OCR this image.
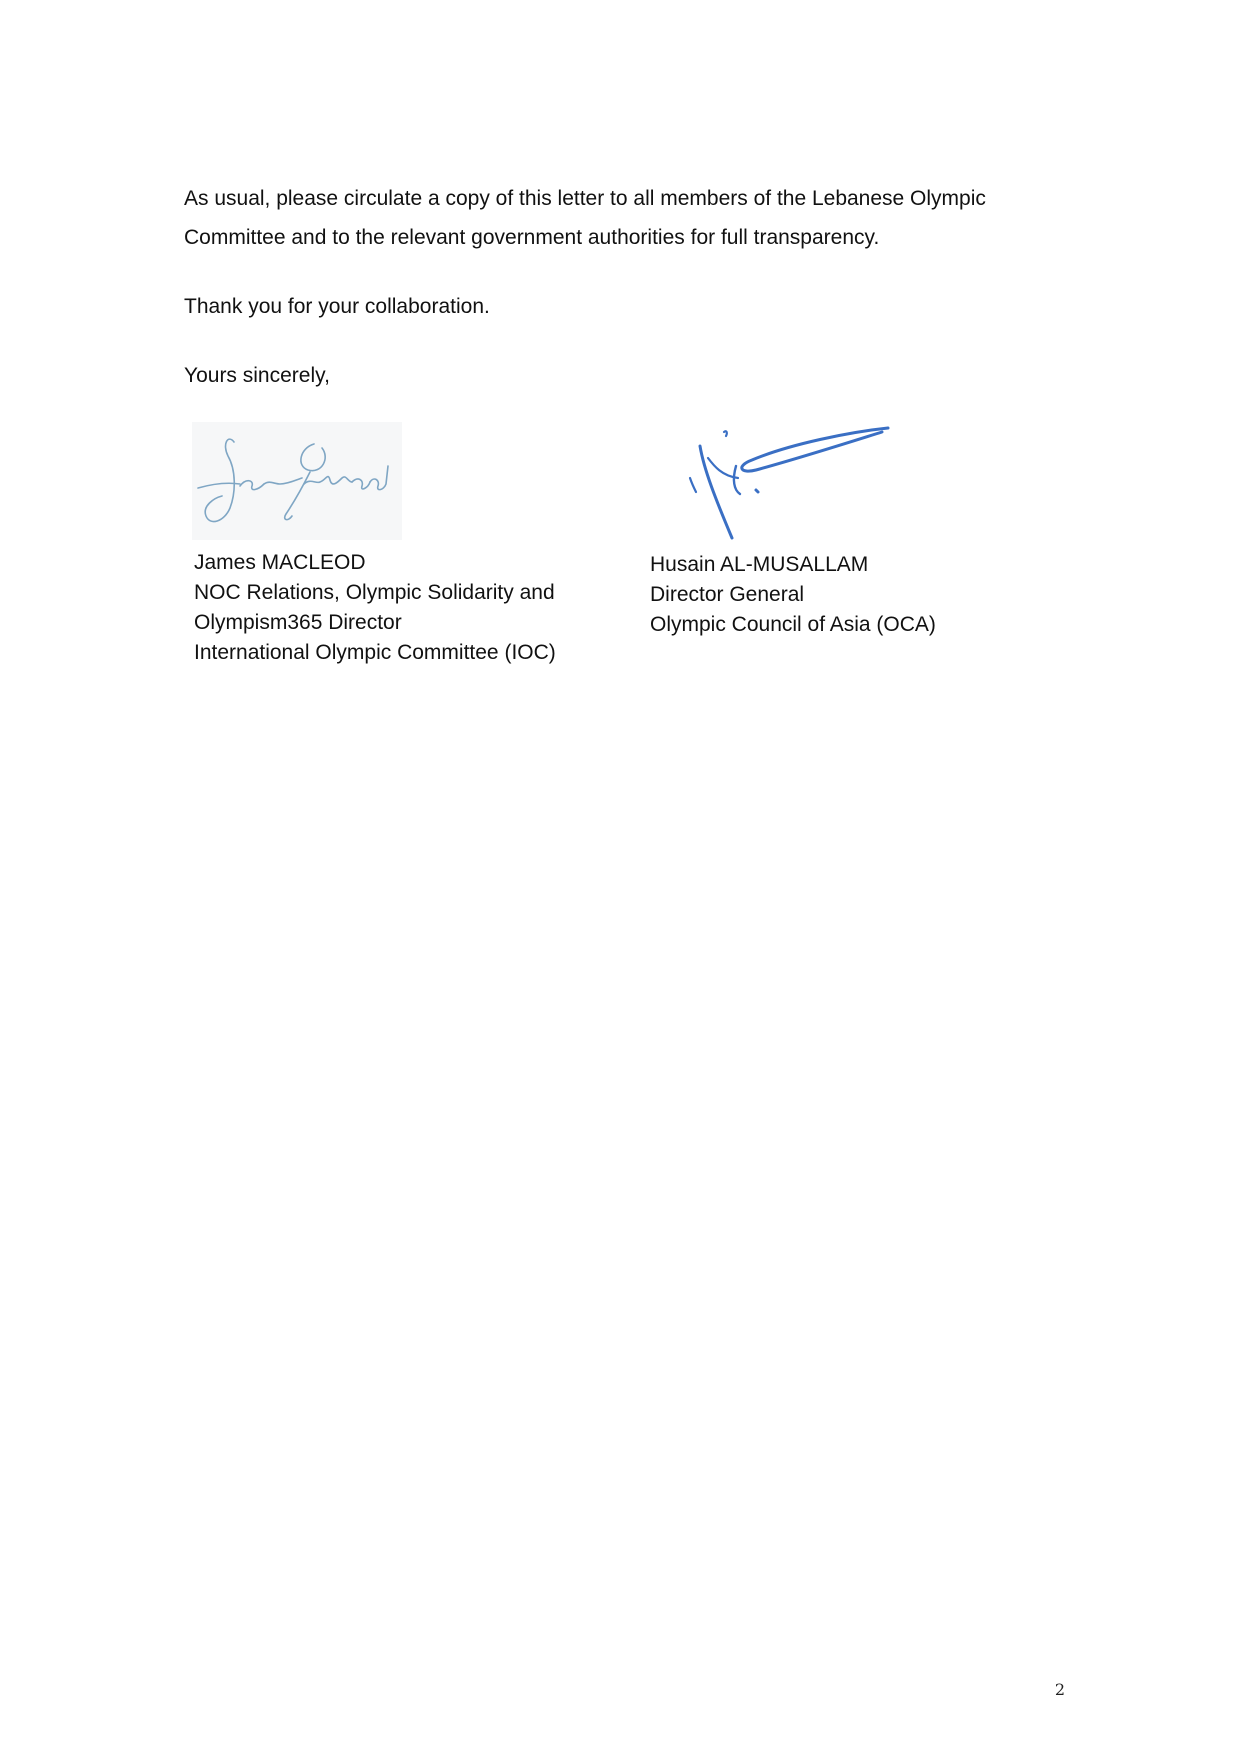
As usual, please circulate a copy of this letter to all members of the Lebanese Olympic Committee and to the relevant government authorities for full transparency.

Thank you for your collaboration.

Yours sincerely,

James MACLEOD
NOC Relations, Olympic Solidarity and
Olympism365 Director
International Olympic Committee (IOC)
Husain AL-MUSALLAM
Director General
Olympic Council of Asia (OCA)
2
